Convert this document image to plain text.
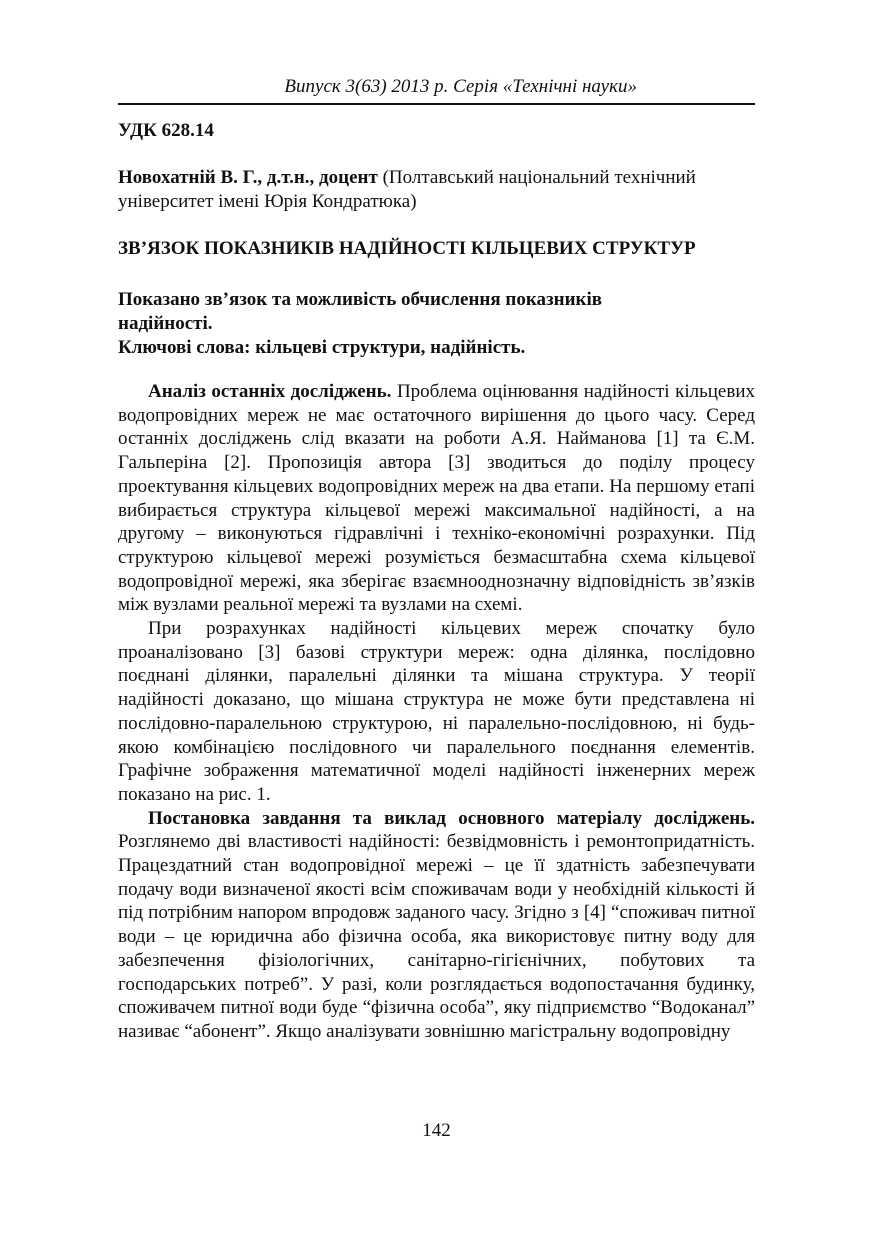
Випуск 3(63) 2013 р. Серія «Технічні науки»
УДК 628.14
Новохатній В. Г., д.т.н., доцент (Полтавський національний технічний університет імені Юрія Кондратюка)
ЗВ’ЯЗОК ПОКАЗНИКІВ НАДІЙНОСТІ КІЛЬЦЕВИХ СТРУКТУР
Показано зв’язок та можливість обчислення показників надійності.
Ключові слова: кільцеві структури, надійність.

Аналіз останніх досліджень. Проблема оцінювання надійності кільцевих водопровідних мереж не має остаточного вирішення до цього часу. Серед останніх досліджень слід вказати на роботи А.Я. Найманова [1] та Є.М. Гальперіна [2]. Пропозиція автора [3] зводиться до поділу процесу проектування кільцевих водопровідних мереж на два етапи. На першому етапі вибирається структура кільцевої мережі максимальної надійності, а на другому – виконуються гідравлічні і техніко-економічні розрахунки. Під структурою кільцевої мережі розуміється безмасштабна схема кільцевої водопровідної мережі, яка зберігає взаємнооднозначну відповідність зв’язків між вузлами реальної мережі та вузлами на схемі.

При розрахунках надійності кільцевих мереж спочатку було проаналізовано [3] базові структури мереж: одна ділянка, послідовно поєднані ділянки, паралельні ділянки та мішана структура. У теорії надійності доказано, що мішана структура не може бути представлена ні послідовно-паралельною структурою, ні паралельно-послідовною, ні будь-якою комбінацією послідовного чи паралельного поєднання елементів. Графічне зображення математичної моделі надійності інженерних мереж показано на рис. 1.

Постановка завдання та виклад основного матеріалу досліджень. Розглянемо дві властивості надійності: безвідмовність і ремонтопридатність. Працездатний стан водопровідної мережі – це її здатність забезпечувати подачу води визначеної якості всім споживачам води у необхідній кількості й під потрібним напором впродовж заданого часу. Згідно з [4] “споживач питної води – це юридична або фізична особа, яка використовує питну воду для забезпечення фізіологічних, санітарно-гігієнічних, побутових та господарських потреб”. У разі, коли розглядається водопостачання будинку, споживачем питної води буде “фізична особа”, яку підприємство “Водоканал” називає “абонент”. Якщо аналізувати зовнішню магістральну водопровідну

142
